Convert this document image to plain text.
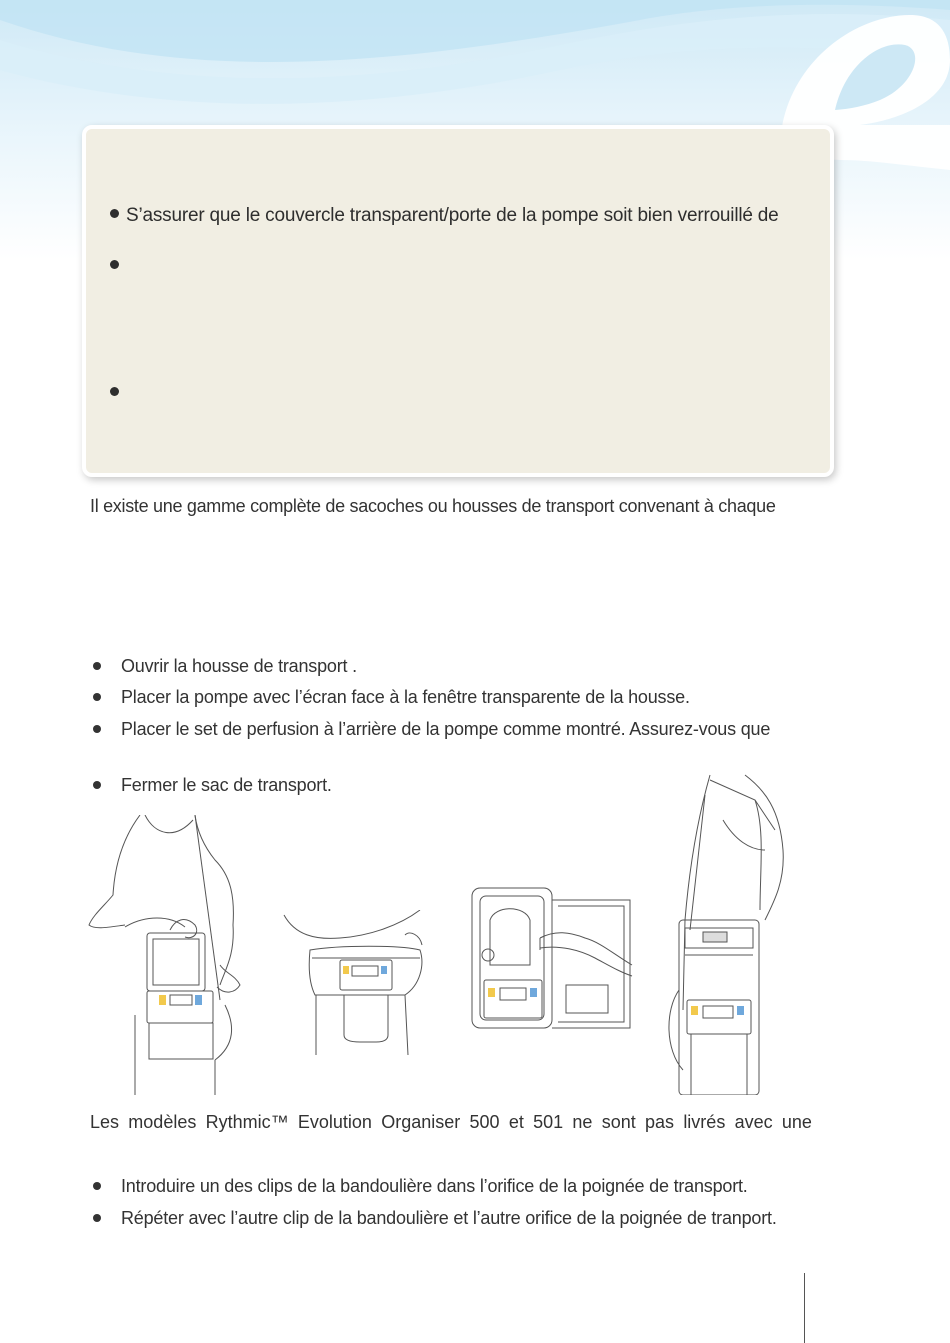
S’assurer que le couvercle transparent/porte de la pompe soit bien verrouillé de
Il existe une gamme complète de sacoches ou housses de transport convenant à chaque
Ouvrir la housse de transport .
Placer la pompe avec l’écran face à la fenêtre transparente de la housse.
Placer le set de perfusion à l’arrière de la pompe comme montré. Assurez-vous que
Fermer le sac de transport.
Les modèles Rythmic™ Evolution Organiser 500 et 501 ne sont pas livrés avec une
Introduire un des clips de la bandoulière dans l’orifice de la poignée de transport.
Répéter avec l’autre clip de la bandoulière et l’autre orifice de la poignée de tranport.
